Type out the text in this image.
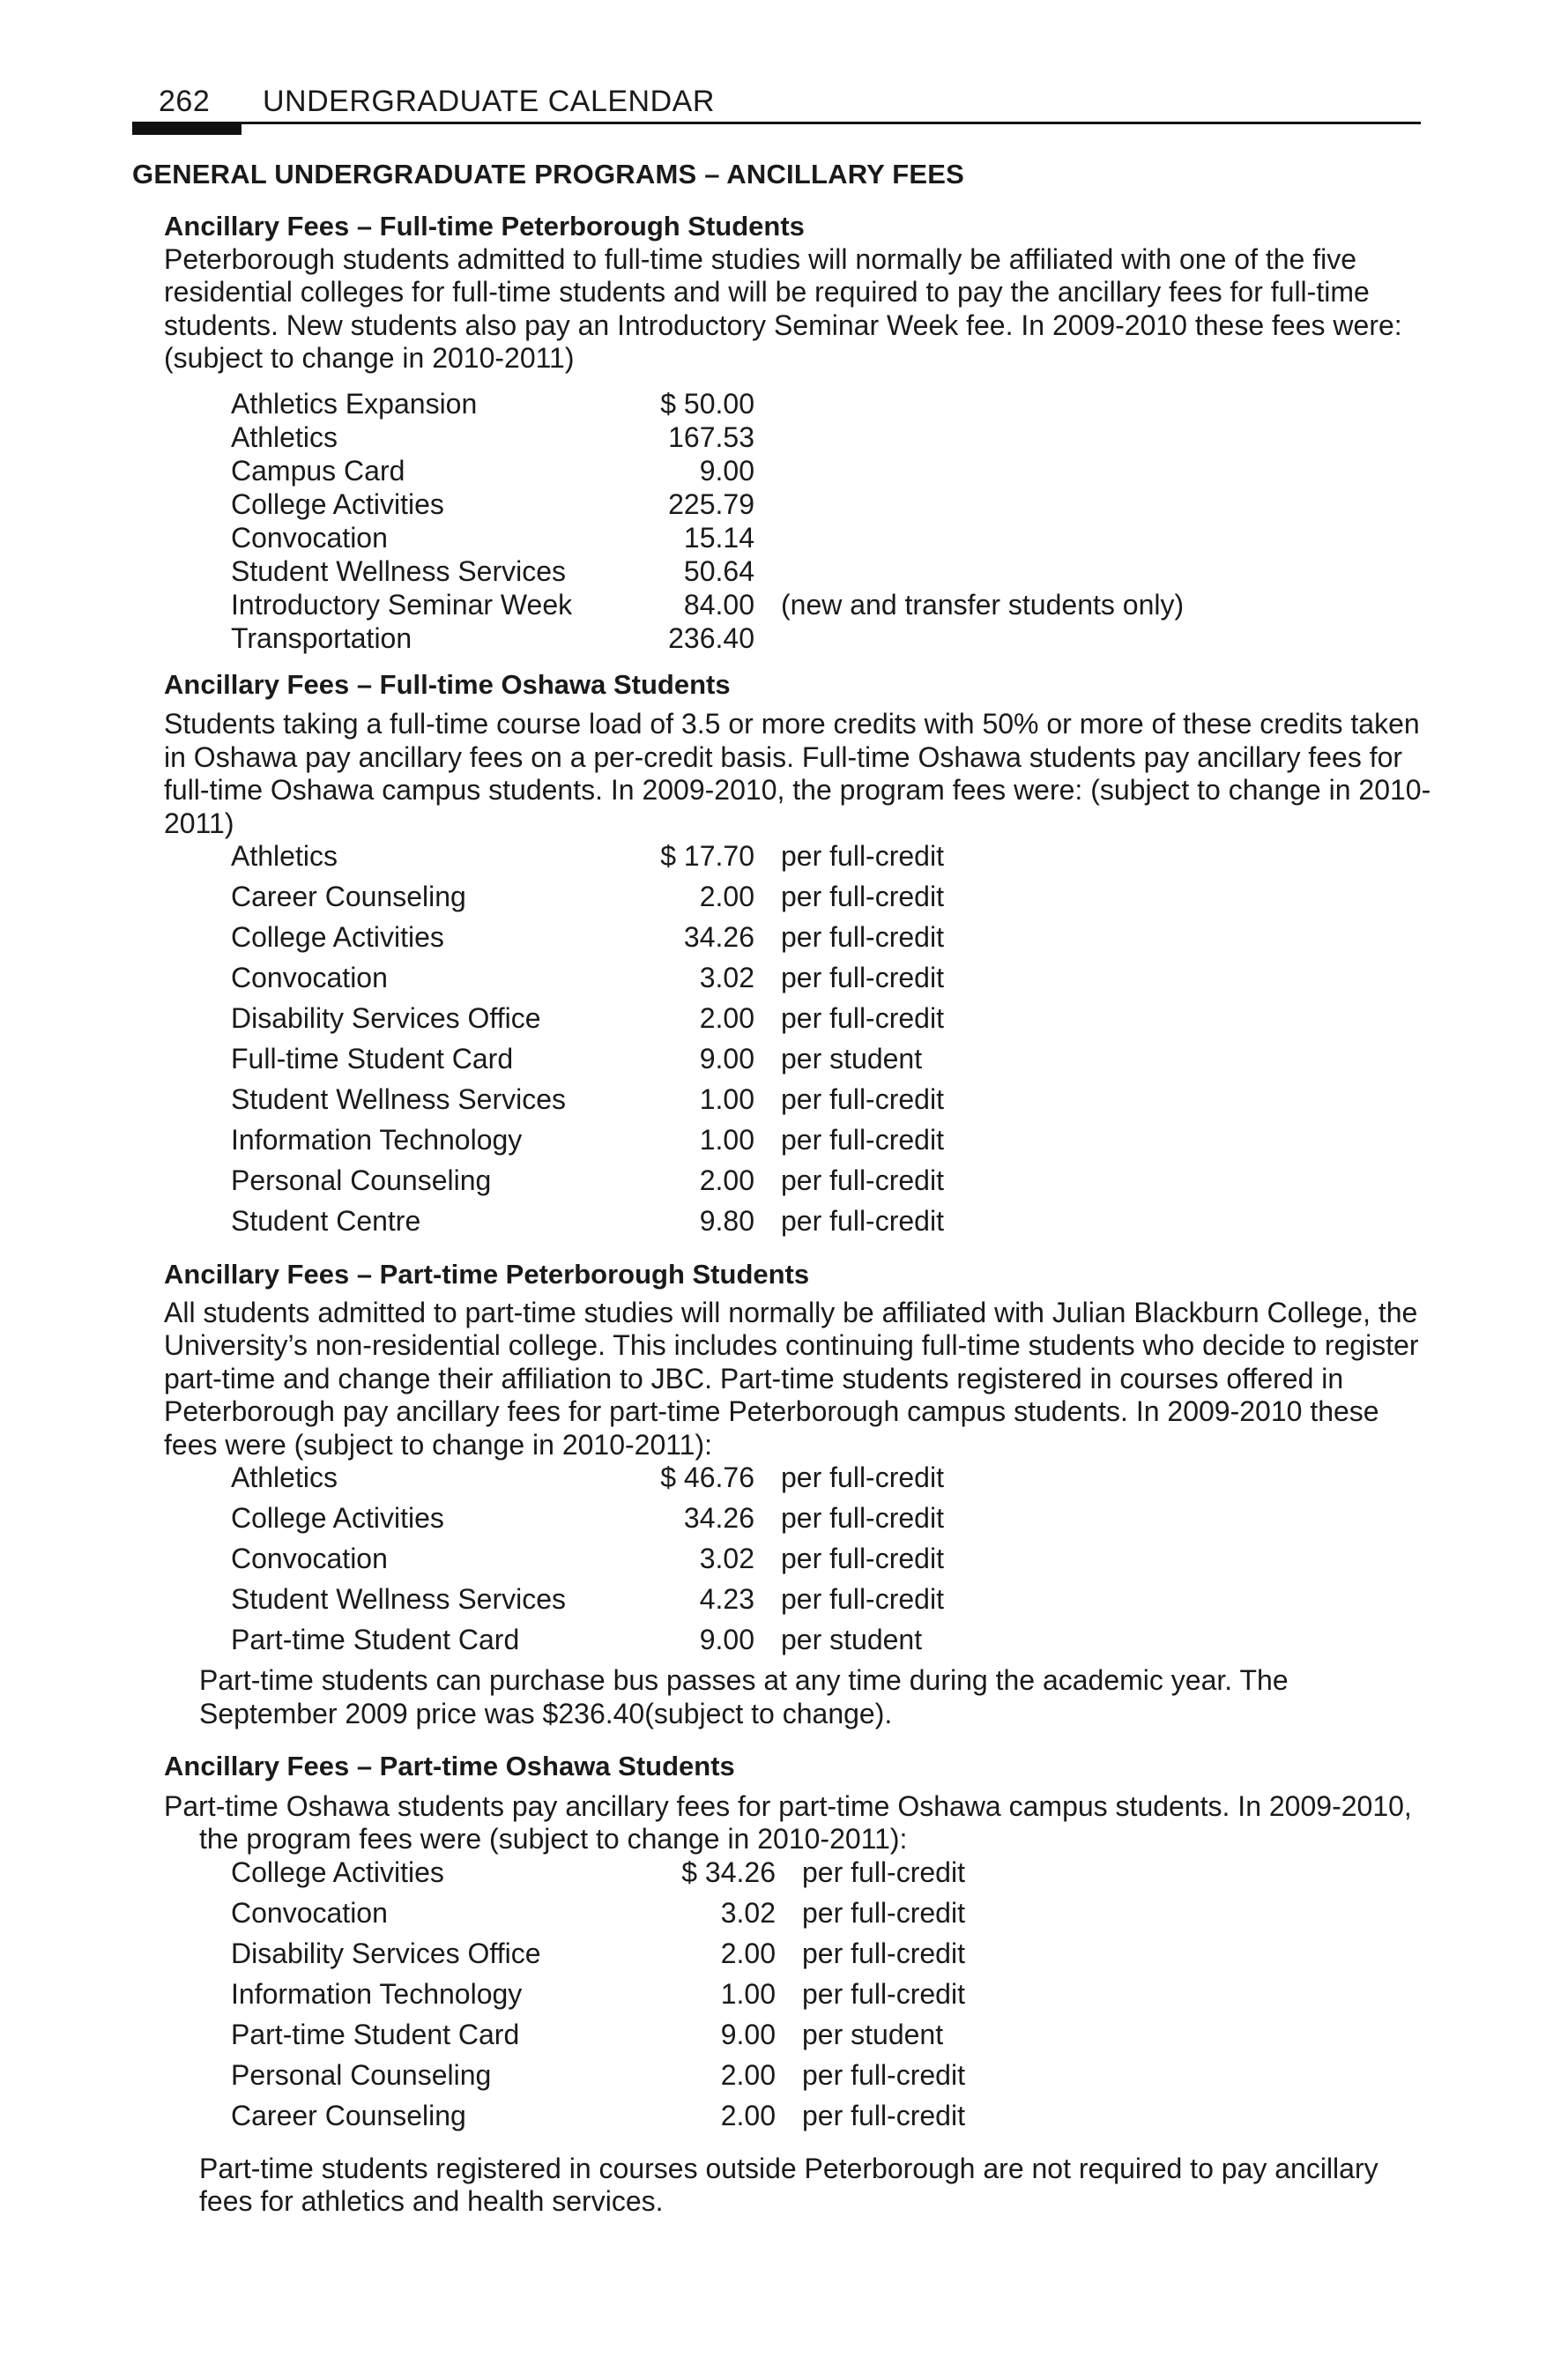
262 UNDERGRADUATE CALENDAR
GENERAL UNDERGRADUATE PROGRAMS – ANCILLARY FEES

Ancillary Fees – Full-time Peterborough Students

Peterborough students admitted to full-time studies will normally be affiliated with one of the five residential colleges for full-time students and will be required to pay the ancillary fees for full-time students. New students also pay an Introductory Seminar Week fee. In 2009-2010 these fees were: (subject to change in 2010-2011)

Athletics Expansion	$ 50.00	
Athletics	167.53	
Campus Card	9.00	
College Activities	225.79	
Convocation	15.14	
Student Wellness Services	50.64	
Introductory Seminar Week	84.00	(new and transfer students only)
Transportation	236.40	

Ancillary Fees – Full-time Oshawa Students

Students taking a full-time course load of 3.5 or more credits with 50% or more of these credits taken in Oshawa pay ancillary fees on a per-credit basis. Full-time Oshawa students pay ancillary fees for full-time Oshawa campus students. In 2009-2010, the program fees were: (subject to change in 2010-2011)

Athletics	$ 17.70	per full-credit
Career Counseling	2.00	per full-credit
College Activities	34.26	per full-credit
Convocation	3.02	per full-credit
Disability Services Office	2.00	per full-credit
Full-time Student Card	9.00	per student
Student Wellness Services	1.00	per full-credit
Information Technology	1.00	per full-credit
Personal Counseling	2.00	per full-credit
Student Centre	9.80	per full-credit

Ancillary Fees – Part-time Peterborough Students

All students admitted to part-time studies will normally be affiliated with Julian Blackburn College, the University’s non-residential college. This includes continuing full-time students who decide to register part-time and change their affiliation to JBC. Part-time students registered in courses offered in Peterborough pay ancillary fees for part-time Peterborough campus students. In 2009-2010 these fees were (subject to change in 2010-2011):

Athletics	$ 46.76	per full-credit
College Activities	34.26	per full-credit
Convocation	3.02	per full-credit
Student Wellness Services	4.23	per full-credit
Part-time Student Card	9.00	per student

Part-time students can purchase bus passes at any time during the academic year. The September 2009 price was $236.40(subject to change).

Ancillary Fees – Part-time Oshawa Students

Part-time Oshawa students pay ancillary fees for part-time Oshawa campus students. In 2009-2010, the program fees were (subject to change in 2010-2011):

College Activities	$ 34.26	per full-credit
Convocation	3.02	per full-credit
Disability Services Office	2.00	per full-credit
Information Technology	1.00	per full-credit
Part-time Student Card	9.00	per student
Personal Counseling	2.00	per full-credit
Career Counseling	2.00	per full-credit

Part-time students registered in courses outside Peterborough are not required to pay ancillary fees for athletics and health services.
